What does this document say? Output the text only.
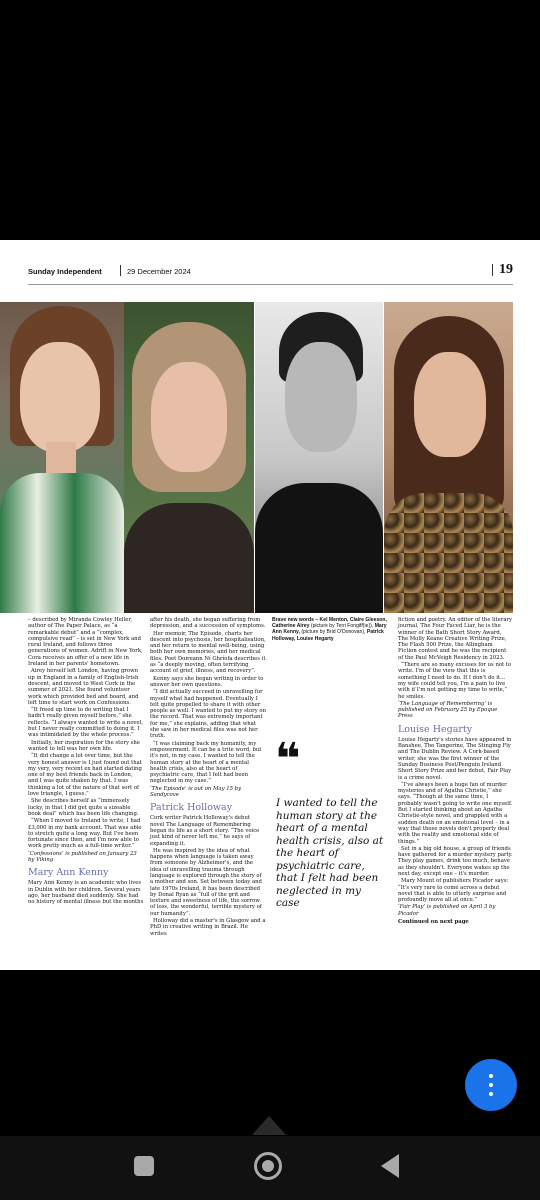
Sunday Independent	29 December 2024	19

– described by Miranda Cowley Heller, author of The Paper Palace, as “a remarkable debut” and a “complex, compulsive read” – is set in New York and rural Ireland, and follows three generations of women. Adrift in New York, Cora receives an offer of a new life in Ireland in her parents' hometown.

Airey herself left London, having grown up in England in a family of English-Irish descent, and moved to West Cork in the summer of 2021. She found volunteer work which provided bed and board, and left time to start work on Confessions.

“It freed up time to do writing that I hadn't really given myself before,” she reflects. “I always wanted to write a novel, but I never really committed to doing it. I was intimidated by the whole process.”

Initially, her inspiration for the story she wanted to tell was her own life.

“It did change a lot over time, but the very honest answer is I just found out that my very, very recent ex had started dating one of my best friends back in London, and I was quite shaken by that. I was thinking a lot of the nature of that sort of love triangle, I guess.”

She describes herself as “immensely lucky, in that I did get quite a sizeable book deal” which has been life changing.

“When I moved to Ireland to write, I had £3,000 in my bank account. That was able to stretch quite a long way. But I've been fortunate since then, and I'm now able to work pretty much as a full-time writer.”

‘Confessions’ is published on January 23 by Viking

Mary Ann Kenny

Mary Ann Kenny is an academic who lives in Dublin with her children. Several years ago, her husband died suddenly. She had no history of mental illness but the months

after his death, she began suffering from depression, and a succession of symptoms.

Her memoir, The Episode, charts her descent into psychosis, her hospitalisation, and her return to mental well-being, using both her own memories, and her medical files. Poet Doireann Ní Ghríofa describes it as “a deeply moving, often terrifying account of grief, illness, and recovery”.

Kenny says she began writing in order to answer her own questions.

“I did actually succeed in unravelling for myself what had happened. Eventually I felt quite propelled to share it with other people as well. I wanted to put my story on the record. That was extremely important for me,” she explains, adding that what she saw in her medical files was not her truth.

“I was claiming back my humanity, my empowerment. It can be a trite word, but it's not, in my case. I wanted to tell the human story at the heart of a mental health crisis, also at the heart of psychiatric care, that I felt had been neglected in my case.”

‘The Episode’ is out on May 15 by Sandycove

Patrick Holloway

Cork writer Patrick Holloway's debut novel The Language of Remembering began its life as a short story. “The voice just kind of never left me,” he says of expanding it.

He was inspired by the idea of what happens when language is taken away from someone by Alzheimer's, and the idea of unravelling trauma through language is explored through the story of a mother and son. Set between today and late 1970s Ireland, it has been described by Donal Ryan as “full of the grit and texture and sweetness of life, the sorrow of loss, the wonderful, terrible mystery of our humanity”.

Holloway did a master's in Glasgow and a PhD in creative writing in Brazil. He writes

Brave new words – Kel Menton, Claire Gleeson, Catherine Airey (picture by Terri Fongiff(ie)), Mary Ann Kenny, (picture by Brid O'Donovan), Patrick Holloway, Louise Hegarty
❝
I wanted to tell the human story at the heart of a mental health crisis, also at the heart of psychiatric care, that I felt had been neglected in my case

fiction and poetry. An editor of the literary journal, The Four Faced Liar, he is the winner of the Bath Short Story Award, The Molly Keane Creative Writing Prize, The Flash 500 Prize, the Allingham Fiction contest and he was the recipient of the Paul McVeigh Residency in 2023.

“There are so many excuses for us not to write. I'm of the view that this is something I need to do. If I don't do it… my wife could tell you, I'm a pain to live with if I'm not getting my time to write,” he smiles.

‘The Language of Remembering’ is published on February 25 by Epoque Press

Louise Hegarty

Louise Hegarty's stories have appeared in Banshee, The Tangerine, The Stinging Fly and The Dublin Review. A Cork-based writer, she was the first winner of the Sunday Business Post/Penguin Ireland Short Story Prize and her debut, Fair Play is a crime novel.

“I've always been a huge fan of murder mysteries and of Agatha Christie,” she says. “Though at the same time, I probably wasn't going to write one myself. But I started thinking about an Agatha Christie-style novel, and grappled with a sudden death on an emotional level – in a way that those novels don't properly deal with the reality and emotional side of things.”

Set in a big old house, a group of friends have gathered for a murder mystery party. They play games, drink too much, behave as they shouldn't. Everyone wakes up the next day, except one – it's murder.

Mary Mount of publishers Picador says: “It's very rare to come across a debut novel that is able to utterly surprise and profoundly move all at once.”

‘Fair Play’ is published on April 3 by Picador

Continued on next page
